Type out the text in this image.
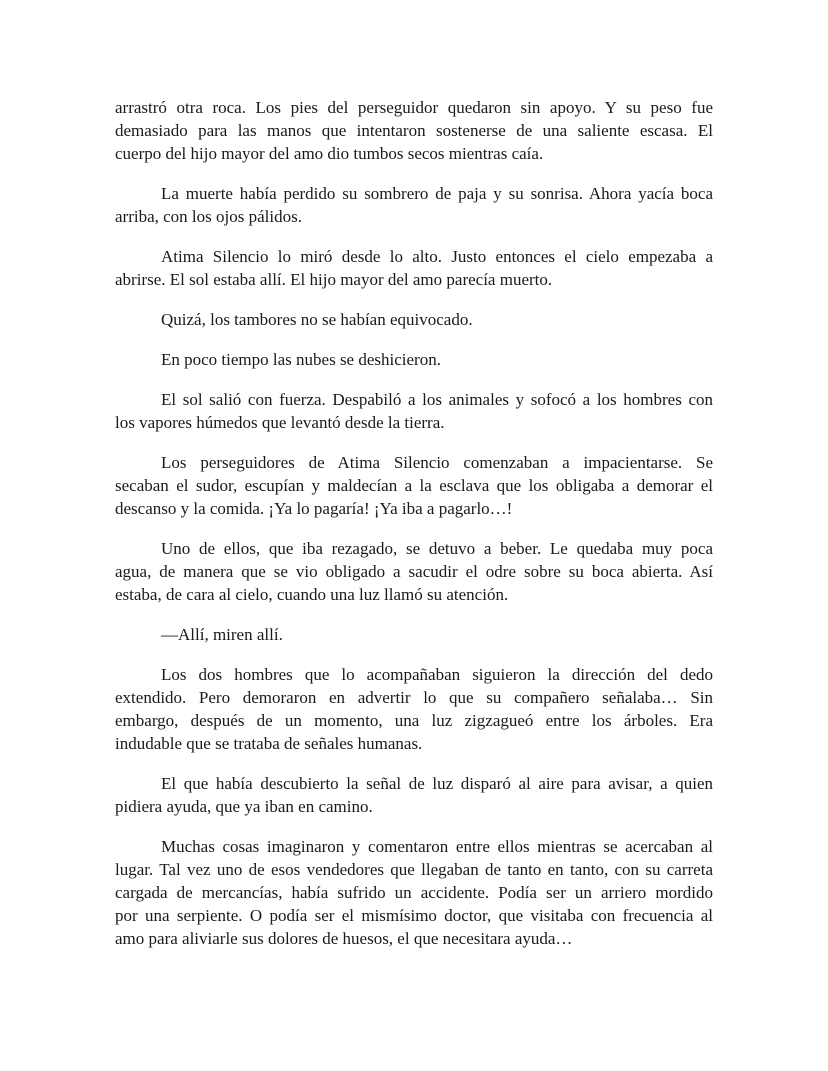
arrastró otra roca. Los pies del perseguidor quedaron sin apoyo. Y su peso fue
demasiado para las manos que intentaron sostenerse de una saliente escasa. El
cuerpo del hijo mayor del amo dio tumbos secos mientras caía.
La muerte había perdido su sombrero de paja y su sonrisa. Ahora yacía boca
arriba, con los ojos pálidos.
Atima Silencio lo miró desde lo alto. Justo entonces el cielo empezaba a
abrirse. El sol estaba allí. El hijo mayor del amo parecía muerto.
Quizá, los tambores no se habían equivocado.
En poco tiempo las nubes se deshicieron.
El sol salió con fuerza. Despabiló a los animales y sofocó a los hombres con
los vapores húmedos que levantó desde la tierra.
Los perseguidores de Atima Silencio comenzaban a impacientarse. Se
secaban el sudor, escupían y maldecían a la esclava que los obligaba a demorar el
descanso y la comida. ¡Ya lo pagaría! ¡Ya iba a pagarlo…!
Uno de ellos, que iba rezagado, se detuvo a beber. Le quedaba muy poca
agua, de manera que se vio obligado a sacudir el odre sobre su boca abierta. Así
estaba, de cara al cielo, cuando una luz llamó su atención.
—Allí, miren allí.
Los dos hombres que lo acompañaban siguieron la dirección del dedo
extendido. Pero demoraron en advertir lo que su compañero señalaba… Sin
embargo, después de un momento, una luz zigzagueó entre los árboles. Era
indudable que se trataba de señales humanas.
El que había descubierto la señal de luz disparó al aire para avisar, a quien
pidiera ayuda, que ya iban en camino.
Muchas cosas imaginaron y comentaron entre ellos mientras se acercaban al
lugar. Tal vez uno de esos vendedores que llegaban de tanto en tanto, con su carreta
cargada de mercancías, había sufrido un accidente. Podía ser un arriero mordido
por una serpiente. O podía ser el mismísimo doctor, que visitaba con frecuencia al
amo para aliviarle sus dolores de huesos, el que necesitara ayuda…
